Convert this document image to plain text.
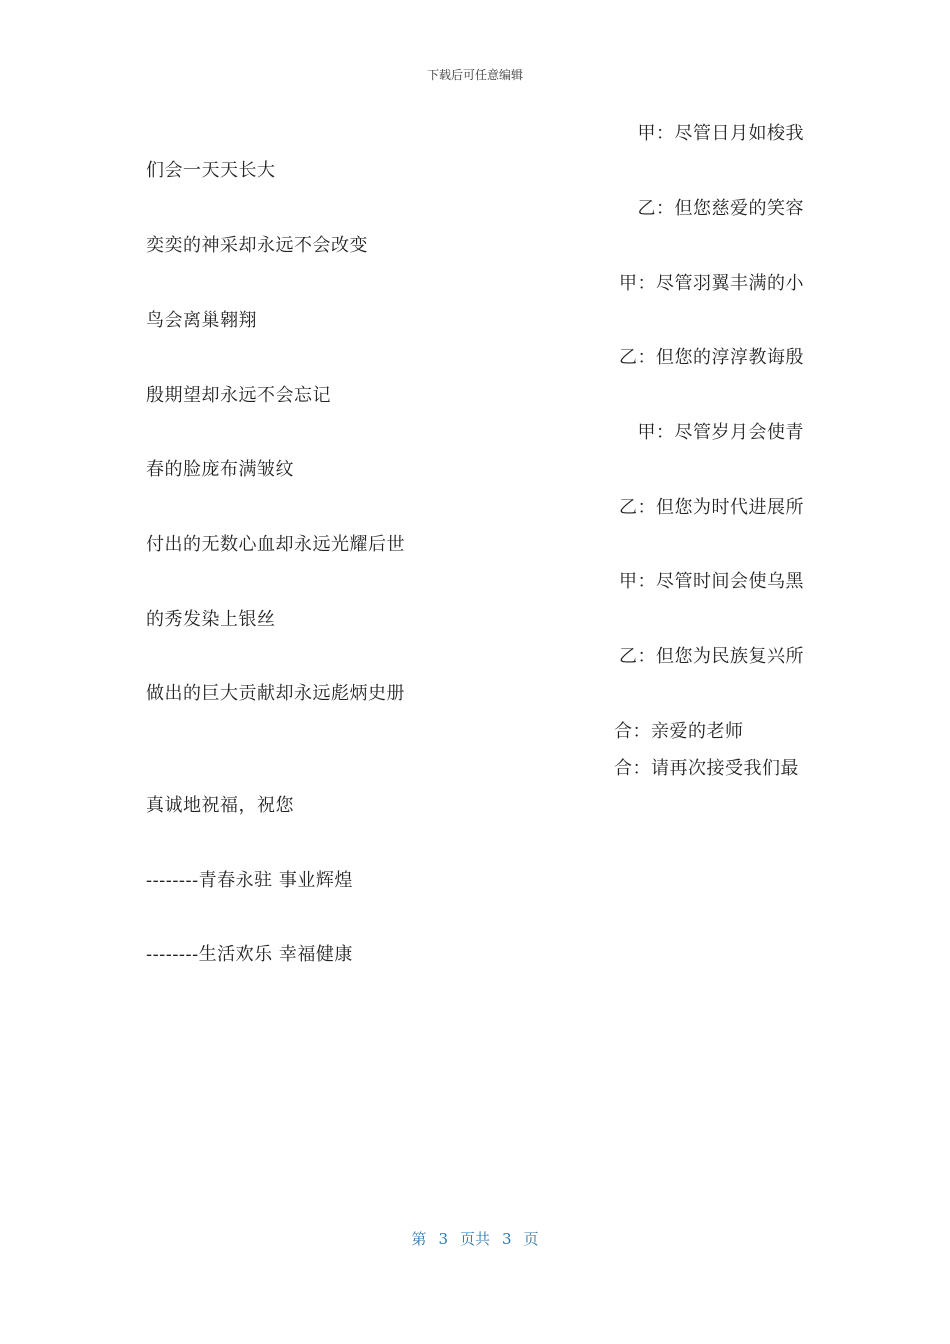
下载后可任意编辑
甲：尽管日月如梭我
们会一天天长大
乙：但您慈爱的笑容
奕奕的神采却永远不会改变
甲：尽管羽翼丰满的小
鸟会离巢翱翔
乙：但您的淳淳教诲殷
殷期望却永远不会忘记
甲：尽管岁月会使青
春的脸庞布满皱纹
乙：但您为时代进展所
付出的无数心血却永远光耀后世
甲：尽管时间会使乌黑
的秀发染上银丝
乙：但您为民族复兴所
做出的巨大贡献却永远彪炳史册
合：亲爱的老师
合：请再次接受我们最
真诚地祝福，祝您
--------青春永驻 事业辉煌
--------生活欢乐 幸福健康
第 3 页共 3 页
